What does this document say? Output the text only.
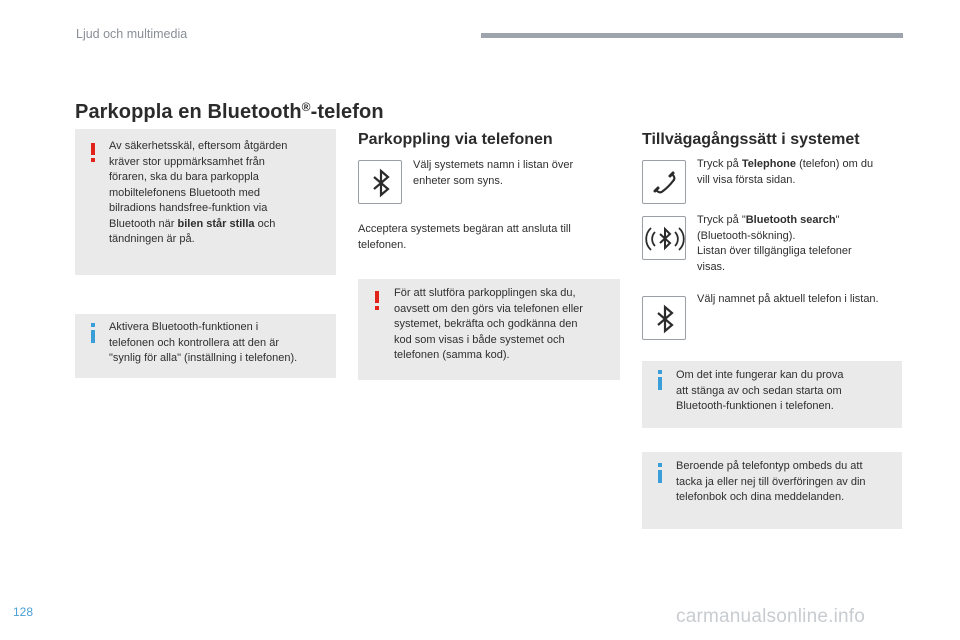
Ljud och multimedia
Parkoppla en Bluetooth®-telefon
Av säkerhetsskäl, eftersom åtgärden
kräver stor uppmärksamhet från
föraren, ska du bara parkoppla
mobiltelefonens Bluetooth med
bilradions handsfree-funktion via
Bluetooth när bilen står stilla och
tändningen är på.
Aktivera Bluetooth-funktionen i
telefonen och kontrollera att den är
"synlig för alla" (inställning i telefonen).
Parkoppling via telefonen
Välj systemets namn i listan över
enheter som syns.
Acceptera systemets begäran att ansluta till
telefonen.
För att slutföra parkopplingen ska du,
oavsett om den görs via telefonen eller
systemet, bekräfta och godkänna den
kod som visas i både systemet och
telefonen (samma kod).
Tillvägagångssätt i systemet
Tryck på Telephone (telefon) om du
vill visa första sidan.
Tryck på "Bluetooth search"
(Bluetooth-sökning).
Listan över tillgängliga telefoner
visas.
Välj namnet på aktuell telefon i listan.
Om det inte fungerar kan du prova
att stänga av och sedan starta om
Bluetooth-funktionen i telefonen.
Beroende på telefontyp ombeds du att
tacka ja eller nej till överföringen av din
telefonbok och dina meddelanden.
128	carmanualsonline.info
